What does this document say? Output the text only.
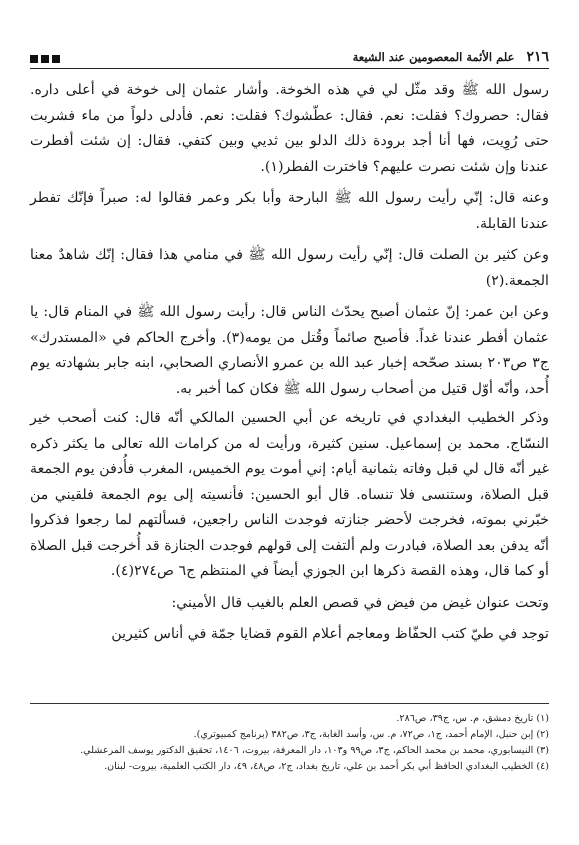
علم الأئمة المعصومين عند الشيعة ٢١٦

رسول الله ﷺ وقد مثّل لي في هذه الخوخة. وأشار عثمان إلى خوخة في أعلى داره. فقال: حصروك؟ فقلت: نعم. فقال: عطّشوك؟ فقلت: نعم. فأدلى دلواً من ماء فشربت حتى رُوِيت، فها أنا أجد برودة ذلك الدلو بين ثديي وبين كتفي. فقال: إن شئت أفطرت عندنا وإن شئت نصرت عليهم؟ فاخترت الفطر(١).

وعنه قال: إنّي رأيت رسول الله ﷺ البارحة وأبا بكر وعمر فقالوا له: صبراً فإنّك تفطر عندنا القابلة.

وعن كثير بن الصلت قال: إنّي رأيت رسول الله ﷺ في منامي هذا فقال: إنّك شاهدٌ معنا الجمعة.(٢)

وعن ابن عمر: إنّ عثمان أصبح يحدّث الناس قال: رأيت رسول الله ﷺ في المنام قال: يا عثمان أفطر عندنا غداً. فأصبح صائماً وقُتل من يومه(٣). وأخرج الحاكم في «المستدرك» ج٣ ص٢٠٣ بسند صحّحه إخبار عبد الله بن عمرو الأنصاري الصحابي، ابنه جابر بشهادته يوم أُحد، وأنّه أوّل قتيل من أصحاب رسول الله ﷺ فكان كما أخبر به.

وذكر الخطيب البغدادي في تاريخه عن أبي الحسين المالكي أنّه قال: كنت أصحب خير النسّاج. محمد بن إسماعيل. سنين كثيرة، ورأيت له من كرامات الله تعالى ما يكثر ذكره غير أنّه قال لي قبل وفاته بثمانية أيام: إني أموت يوم الخميس، المغرب فأُدفن يوم الجمعة قبل الصلاة، وستنسى فلا تنساه. قال أبو الحسين: فأنسيته إلى يوم الجمعة فلقيني من خبّرني بموته، فخرجت لأحضر جنازته فوجدت الناس راجعين، فسألتهم لما رجعوا فذكروا أنّه يدفن بعد الصلاة، فبادرت ولم ألتفت إلى قولهم فوجدت الجنازة قد أُخرجت قبل الصلاة أو كما قال، وهذه القصة ذكرها ابن الجوزي أيضاً في المنتظم ج٦ ص٢٧٤(٤).

وتحت عنوان غيض من فيض في قصص العلم بالغيب قال الأميني:

توجد في طيّ كتب الحفّاظ ومعاجم أعلام القوم قضايا جمّة في أناس كثيرين

(١) تاريخ دمشق، م. س، ج٣٩، ص٢٨٦.

(٢) إبن حنبل، الإمام أحمد، ج١، ص٧٢، م. س، وأسد الغابة، ج٣، ص٣٨٢ (برنامج كمبيوتري).

(٣) النيسابوري، محمد بن محمد الحاكم، ج٣، ص٩٩ و١٠٣، دار المعرفة، بيروت، ١٤٠٦، تحقيق الدكتور يوسف المرعشلي.

(٤) الخطيب البغدادي الحافظ أبي بكر أحمد بن علي، تاريخ بغداد، ج٢، ص٤٨، ٤٩، دار الكتب العلمية، بيروت- لبنان.
